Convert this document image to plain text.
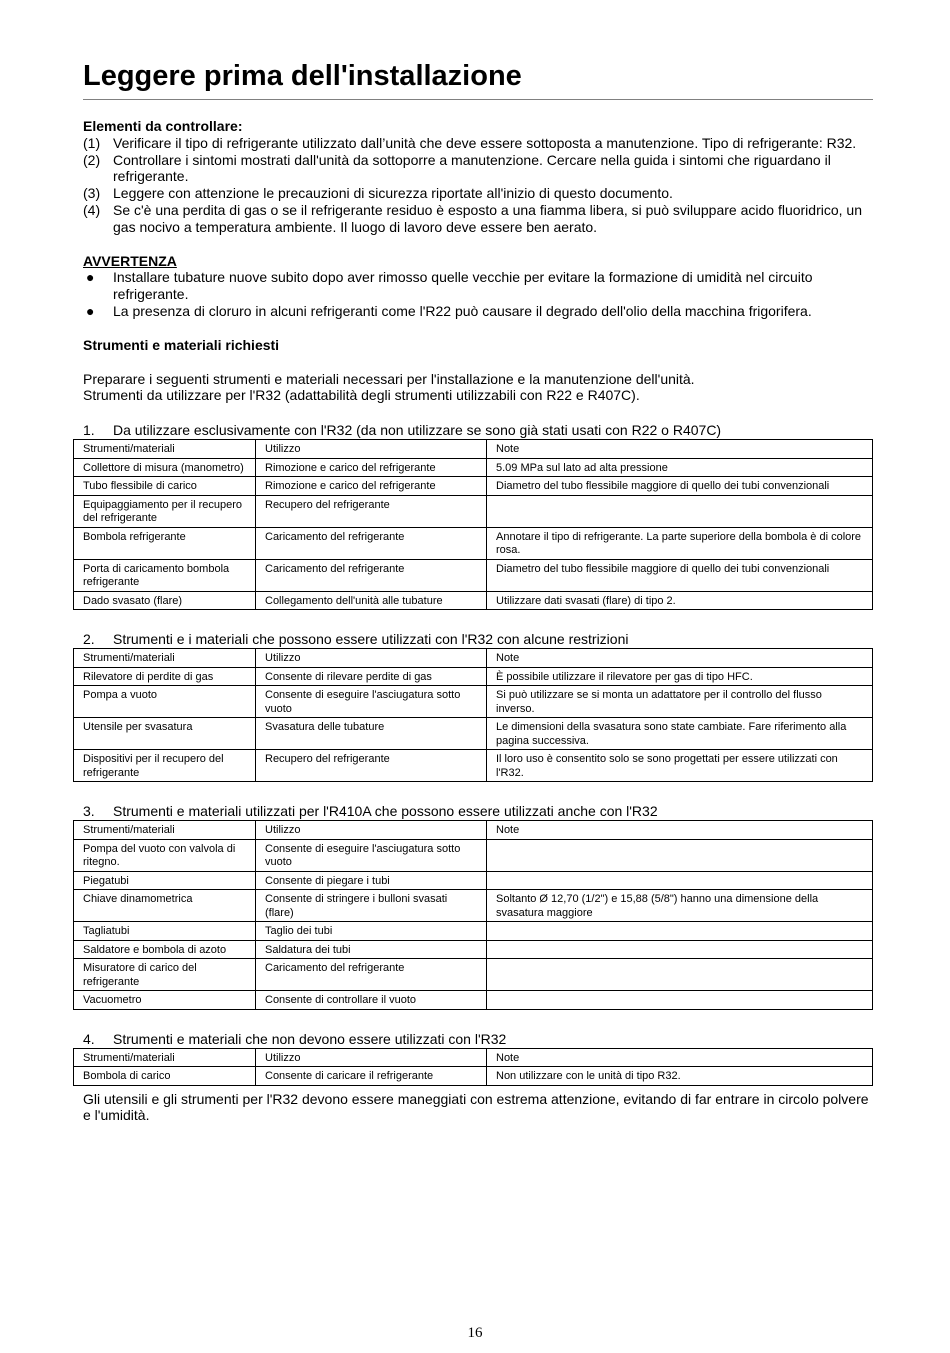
Leggere prima dell'installazione
Elementi da controllare:
(1) Verificare il tipo di refrigerante utilizzato dall’unità che deve essere sottoposta a manutenzione. Tipo di refrigerante: R32.
(2) Controllare i sintomi mostrati dall'unità da sottoporre a manutenzione. Cercare nella guida i sintomi che riguardano il refrigerante.
(3) Leggere con attenzione le precauzioni di sicurezza riportate all'inizio di questo documento.
(4) Se c'è una perdita di gas o se il refrigerante residuo è esposto a una fiamma libera, si può sviluppare acido fluoridrico, un gas nocivo a temperatura ambiente. Il luogo di lavoro deve essere ben aerato.
AVVERTENZA
●	Installare tubature nuove subito dopo aver rimosso quelle vecchie per evitare la formazione di umidità nel circuito refrigerante.
●	La presenza di cloruro in alcuni refrigeranti come l'R22 può causare il degrado dell'olio della macchina frigorifera.
Strumenti e materiali richiesti
Preparare i seguenti strumenti e materiali necessari per l'installazione e la manutenzione dell'unità.
Strumenti da utilizzare per l'R32 (adattabilità degli strumenti utilizzabili con R22 e R407C).
1.	Da utilizzare esclusivamente con l'R32 (da non utilizzare se sono già stati usati con R22 o R407C)
Strumenti/materiali	Utilizzo	Note
Collettore di misura (manometro)	Rimozione e carico del refrigerante	5.09 MPa sul lato ad alta pressione
Tubo flessibile di carico	Rimozione e carico del refrigerante	Diametro del tubo flessibile maggiore di quello dei tubi convenzionali
Equipaggiamento per il recupero del refrigerante	Recupero del refrigerante	
Bombola refrigerante	Caricamento del refrigerante	Annotare il tipo di refrigerante. La parte superiore della bombola è di colore rosa.
Porta di caricamento bombola refrigerante	Caricamento del refrigerante	Diametro del tubo flessibile maggiore di quello dei tubi convenzionali
Dado svasato (flare)	Collegamento dell'unità alle tubature	Utilizzare dati svasati (flare) di tipo 2.
2.	Strumenti e i materiali che possono essere utilizzati con l'R32 con alcune restrizioni
Strumenti/materiali	Utilizzo	Note
Rilevatore di perdite di gas	Consente di rilevare perdite di gas	È possibile utilizzare il rilevatore per gas di tipo HFC.
Pompa a vuoto	Consente di eseguire l'asciugatura sotto vuoto	Si può utilizzare se si monta un adattatore per il controllo del flusso inverso.
Utensile per svasatura	Svasatura delle tubature	Le dimensioni della svasatura sono state cambiate. Fare riferimento alla pagina successiva.
Dispositivi per il recupero del refrigerante	Recupero del refrigerante	Il loro uso è consentito solo se sono progettati per essere utilizzati con l'R32.
3.	Strumenti e materiali utilizzati per l'R410A che possono essere utilizzati anche con l'R32
Strumenti/materiali	Utilizzo	Note
Pompa del vuoto con valvola di ritegno.	Consente di eseguire l'asciugatura sotto vuoto	
Piegatubi	Consente di piegare i tubi	
Chiave dinamometrica	Consente di stringere i bulloni svasati (flare)	Soltanto Ø 12,70 (1/2") e 15,88 (5/8") hanno una dimensione della svasatura maggiore
Tagliatubi	Taglio dei tubi	
Saldatore e bombola di azoto	Saldatura dei tubi	
Misuratore di carico del refrigerante	Caricamento del refrigerante	
Vacuometro	Consente di controllare il vuoto	
4.	Strumenti e materiali che non devono essere utilizzati con l'R32
Strumenti/materiali	Utilizzo	Note
Bombola di carico	Consente di caricare il refrigerante	Non utilizzare con le unità di tipo R32.
Gli utensili e gli strumenti per l'R32 devono essere maneggiati con estrema attenzione, evitando di far entrare in circolo polvere e l'umidità.
16
